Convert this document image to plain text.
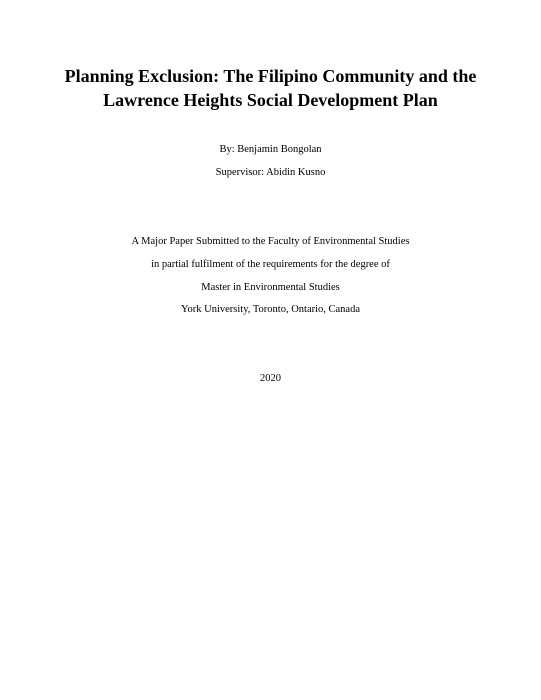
Planning Exclusion: The Filipino Community and the
Lawrence Heights Social Development Plan
By: Benjamin Bongolan
Supervisor: Abidin Kusno
A Major Paper Submitted to the Faculty of Environmental Studies
in partial fulfilment of the requirements for the degree of
Master in Environmental Studies
York University, Toronto, Ontario, Canada
2020
